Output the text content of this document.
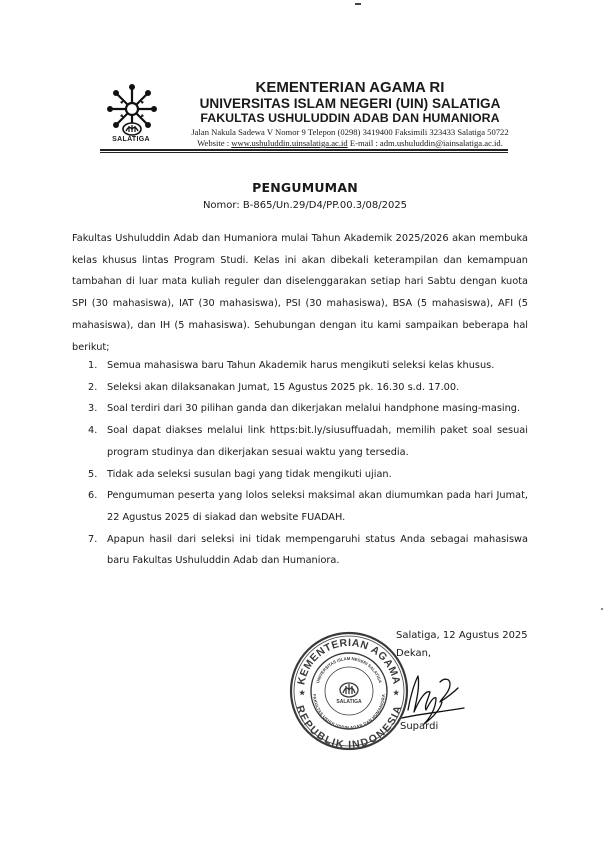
SALATIGA
KEMENTERIAN AGAMA RI
UNIVERSITAS ISLAM NEGERI (UIN) SALATIGA
FAKULTAS USHULUDDIN ADAB DAN HUMANIORA
Jalan Nakula Sadewa V Nomor 9 Telepon (0298) 3419400 Faksimili 323433 Salatiga 50722
Website : www.ushuluddin.uinsalatiga.ac.id E-mail : adm.ushuluddin@iainsalatiga.ac.id.
PENGUMUMAN
Nomor: B-865/Un.29/D4/PP.00.3/08/2025

Fakultas Ushuluddin Adab dan Humaniora mulai Tahun Akademik 2025/2026 akan membuka kelas khusus lintas Program Studi. Kelas ini akan dibekali keterampilan dan kemampuan tambahan di luar mata kuliah reguler dan diselenggarakan setiap hari Sabtu dengan kuota SPI (30 mahasiswa), IAT (30 mahasiswa), PSI (30 mahasiswa), BSA (5 mahasiswa), AFI (5 mahasiswa), dan IH (5 mahasiswa). Sehubungan dengan itu kami sampaikan beberapa hal berikut;

1. Semua mahasiswa baru Tahun Akademik harus mengikuti seleksi kelas khusus.
2. Seleksi akan dilaksanakan Jumat, 15 Agustus 2025 pk. 16.30 s.d. 17.00.
3. Soal terdiri dari 30 pilihan ganda dan dikerjakan melalui handphone masing-masing.
4. Soal dapat diakses melalui link https:bit.ly/siusuffuadah, memilih paket soal sesuai program studinya dan dikerjakan sesuai waktu yang tersedia.
5. Tidak ada seleksi susulan bagi yang tidak mengikuti ujian.
6. Pengumuman peserta yang lolos seleksi maksimal akan diumumkan pada hari Jumat, 22 Agustus 2025 di siakad dan website FUADAH.
7. Apapun hasil dari seleksi ini tidak mempengaruhi status Anda sebagai mahasiswa baru Fakultas Ushuluddin Adab dan Humaniora.
KEMENTERIAN AGAMA
REPUBLIK INDONESIA
UNIVERSITAS ISLAM NEGERI SALATIGA
FAKULTAS USHULUDDIN ADAB DAN HUMANIORA
★	★
SALATIGA
Salatiga, 12 Agustus 2025
Dekan,
Supardi
